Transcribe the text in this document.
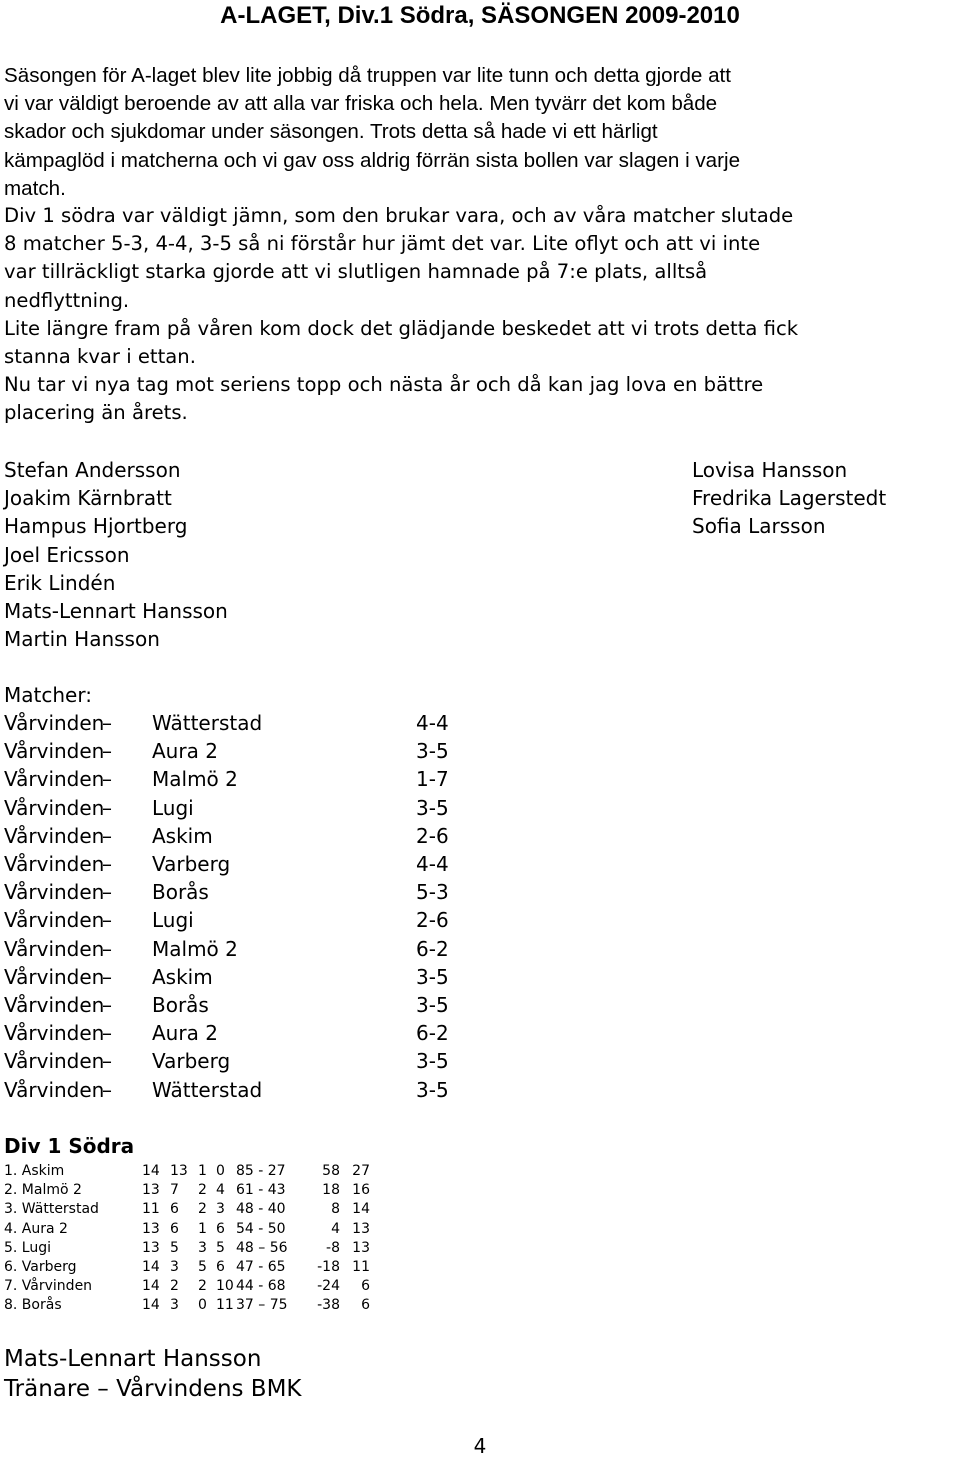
A-LAGET, Div.1 Södra, SÄSONGEN 2009-2010
Säsongen för A-laget blev lite jobbig då truppen var lite tunn och detta gjorde att
vi var väldigt beroende av att alla var friska och hela. Men tyvärr det kom både
skador och sjukdomar under säsongen. Trots detta så hade vi ett härligt
kämpaglöd i matcherna och vi gav oss aldrig förrän sista bollen var slagen i varje
match.
Div 1 södra var väldigt jämn, som den brukar vara, och av våra matcher slutade
8 matcher 5-3, 4-4, 3-5 så ni förstår hur jämt det var. Lite oflyt och att vi inte
var tillräckligt starka gjorde att vi slutligen hamnade på 7:e plats, alltså
nedflyttning.
Lite längre fram på våren kom dock det glädjande beskedet att vi trots detta fick
stanna kvar i ettan.
Nu tar vi nya tag mot seriens topp och nästa år och då kan jag lova en bättre
placering än årets.
Stefan Andersson
Joakim Kärnbratt
Hampus Hjortberg
Joel Ericsson
Erik Lindén
Mats-Lennart Hansson
Martin Hansson
Lovisa Hansson
Fredrika Lagerstedt
Sofia Larsson
Matcher:
Vårvinden
– Wätterstad	4-4
Vårvinden
– Aura 2	3-5
Vårvinden
– Malmö 2	1-7
Vårvinden
– Lugi	3-5
Vårvinden
– Askim	2-6
Vårvinden
– Varberg	4-4
Vårvinden
– Borås	5-3
Vårvinden
– Lugi	2-6
Vårvinden
– Malmö 2	6-2
Vårvinden
– Askim	3-5
Vårvinden
– Borås	3-5
Vårvinden
– Aura 2	6-2
Vårvinden
– Varberg	3-5
Vårvinden
– Wätterstad	3-5
Div 1 Södra
1. Askim	14 13 1 0 85 - 27	58 27
2. Malmö 2	13 7 2 4 61 - 43	18 16
3. Wätterstad	11 6 2 3 48 - 40	8 14
4. Aura 2	13 6 1 6 54 - 50	4 13
5. Lugi	13 5 3 5 48 – 56	-8 13
6. Varberg	14 3 5 6 47 - 65	-18 11
7. Vårvinden	14 2 2 10 44 - 68	-24	6
8. Borås	14 3 0 11 37 – 75	-38	6
Mats-Lennart Hansson
Tränare – Vårvindens BMK
4
